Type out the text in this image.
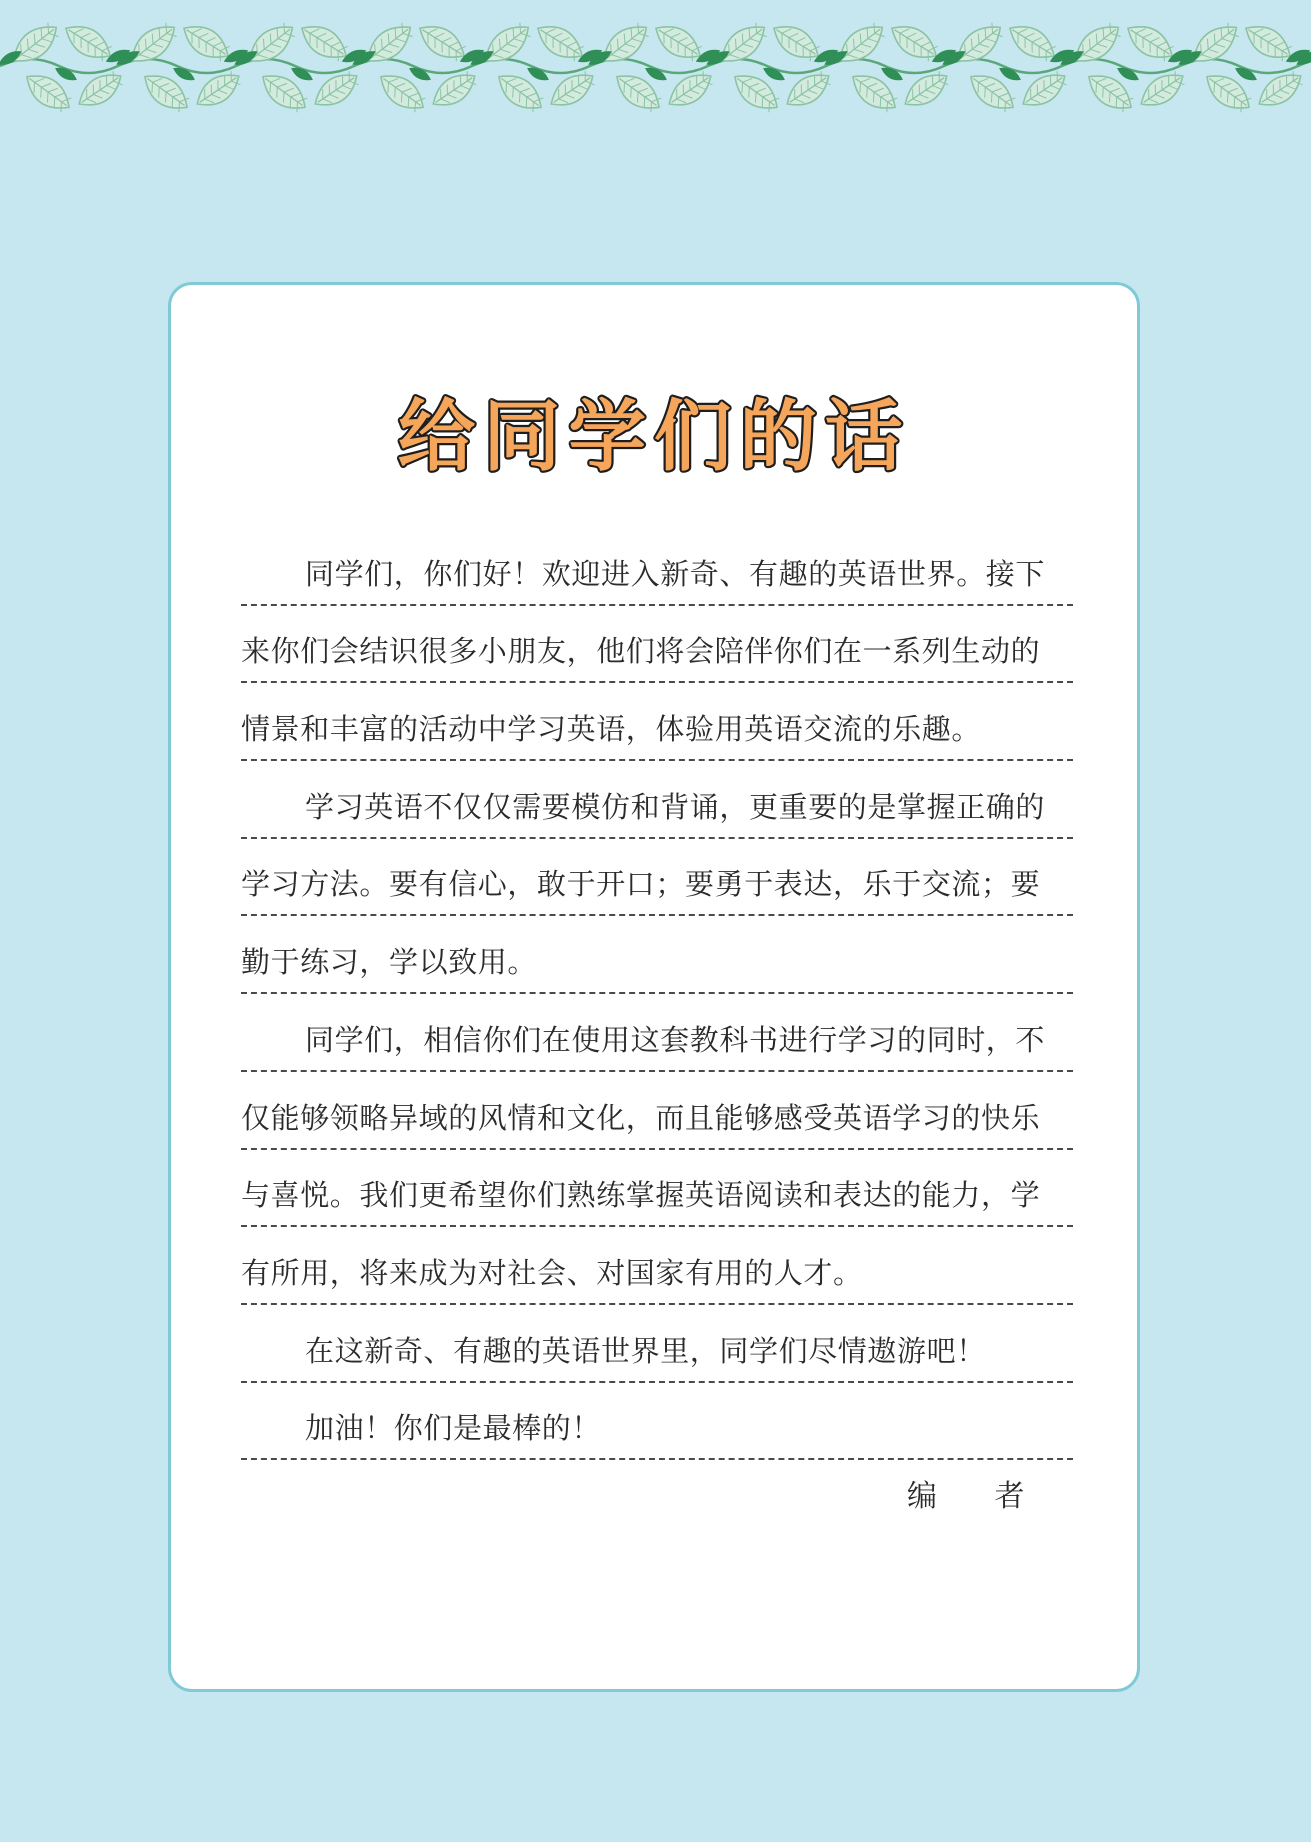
给同学们的话
同学们，你们好！欢迎进入新奇、有趣的英语世界。接下
来你们会结识很多小朋友，他们将会陪伴你们在一系列生动的
情景和丰富的活动中学习英语，体验用英语交流的乐趣。
学习英语不仅仅需要模仿和背诵，更重要的是掌握正确的
学习方法。要有信心，敢于开口；要勇于表达，乐于交流；要
勤于练习，学以致用。
同学们，相信你们在使用这套教科书进行学习的同时，不
仅能够领略异域的风情和文化，而且能够感受英语学习的快乐
与喜悦。我们更希望你们熟练掌握英语阅读和表达的能力，学
有所用，将来成为对社会、对国家有用的人才。
在这新奇、有趣的英语世界里，同学们尽情遨游吧！
加油！你们是最棒的！
编 者
